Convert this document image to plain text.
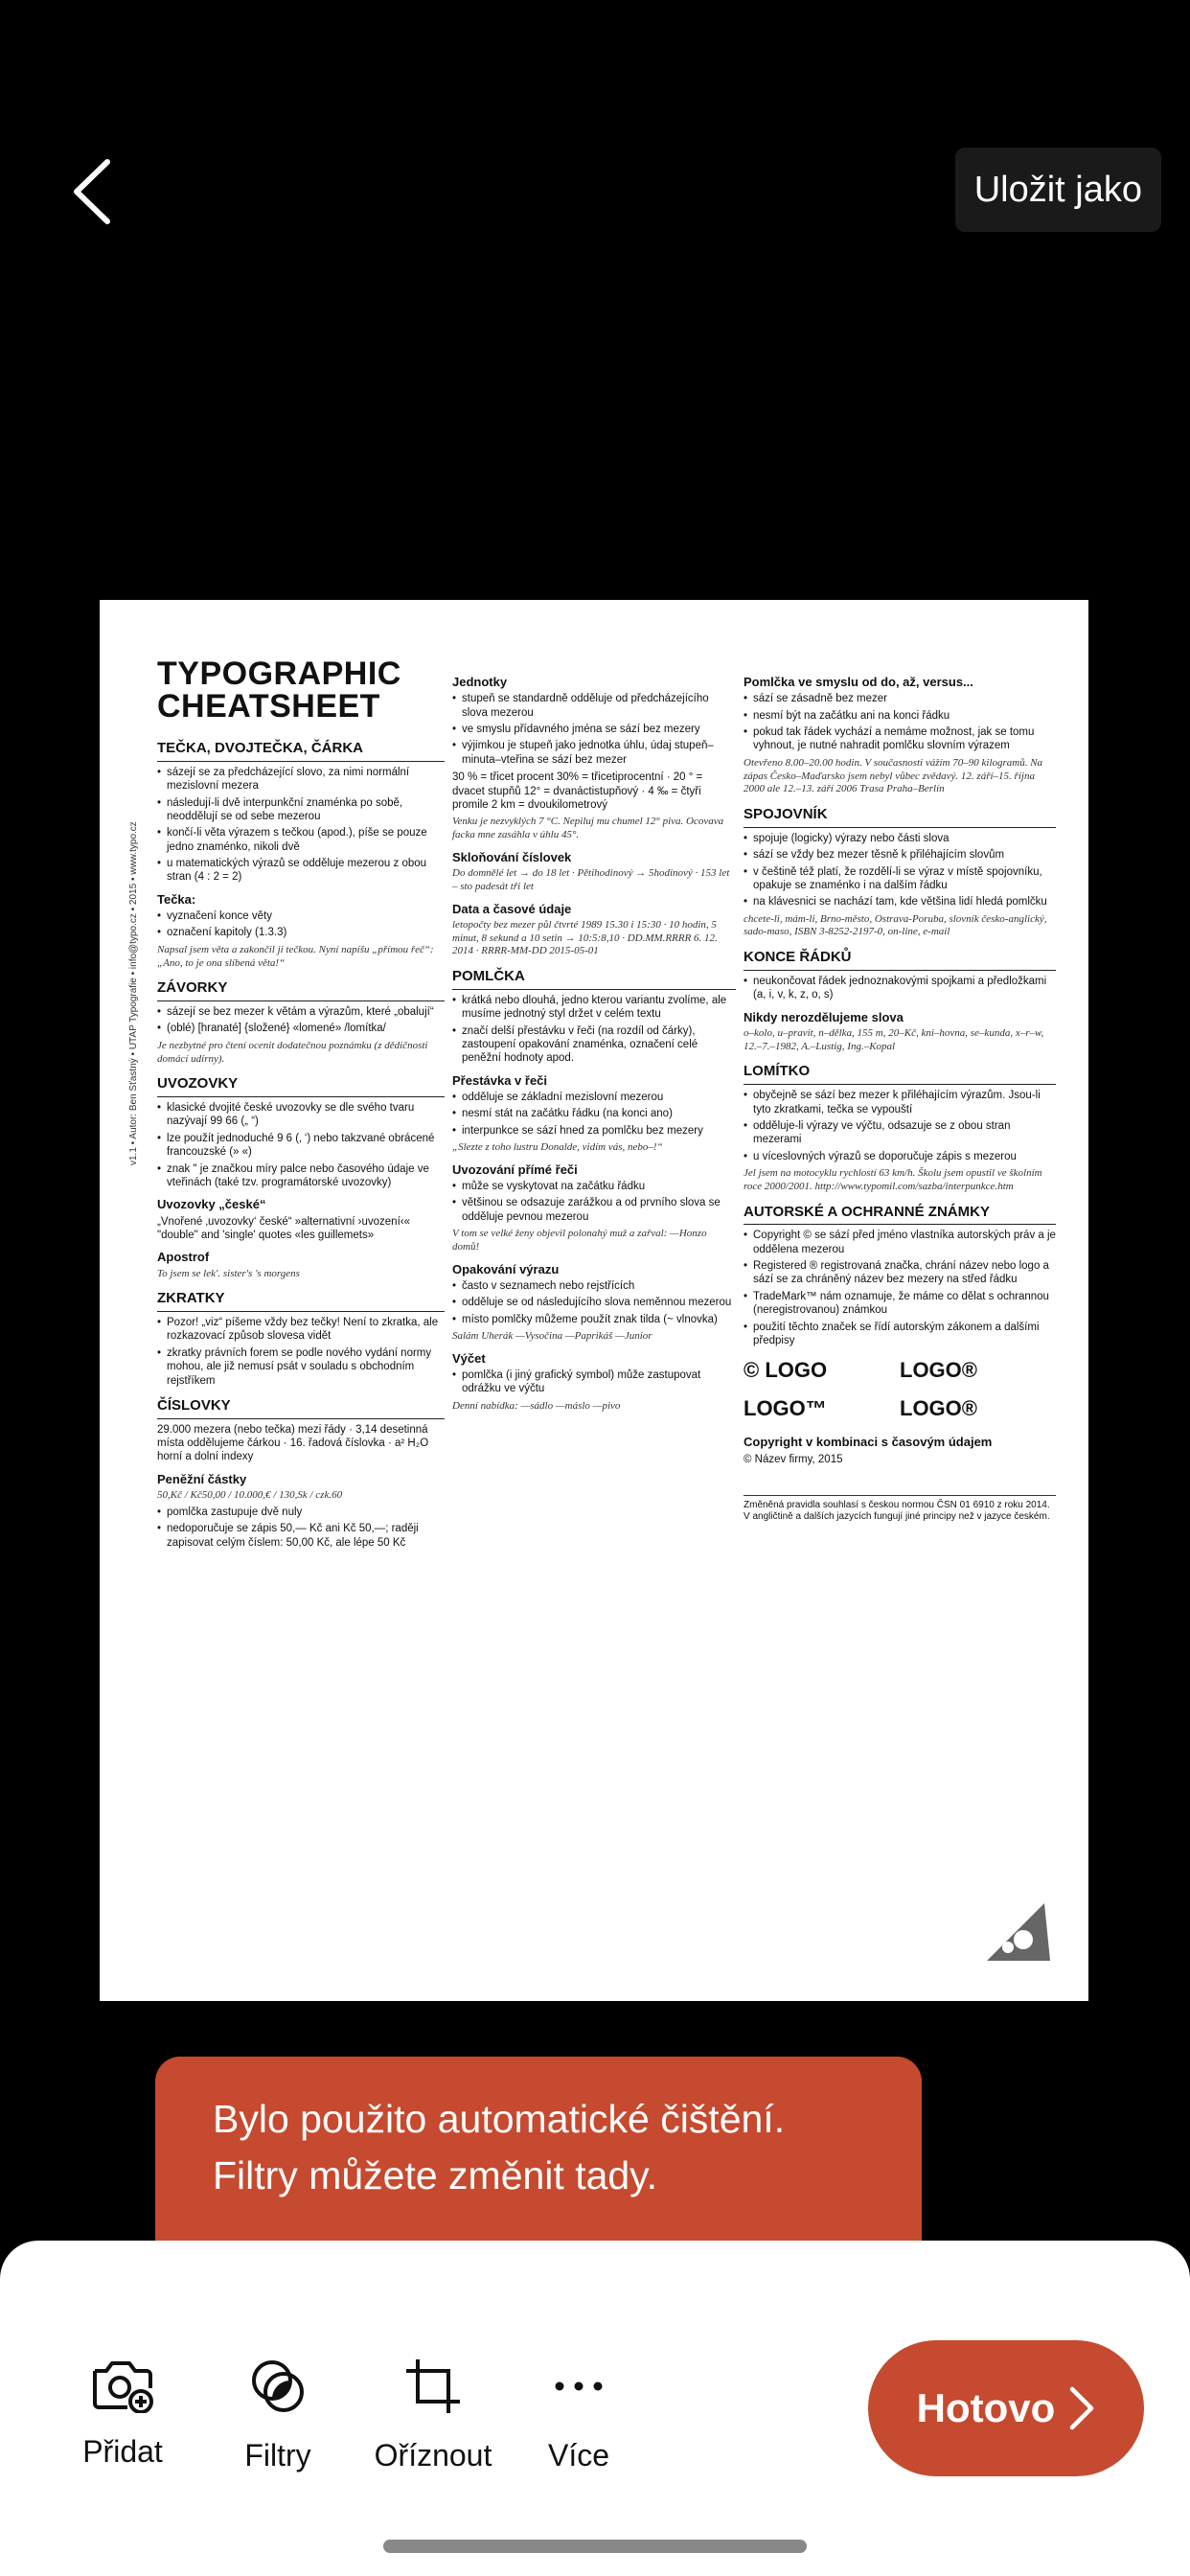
Uložit jako
v1.1 • Autor: Ben Šťastný • ÚTAP Typografie • info@typo.cz • 2015 • www.typo.cz
TYPOGRAPHIC
CHEATSHEET
TEČKA, DVOJTEČKA, ČÁRKA
• sázejí se za předcházející slovo, za nimi normální mezislovní mezera
• následují-li dvě interpunkční znaménka po sobě, neoddělují se od sebe mezerou
• končí-li věta výrazem s tečkou (apod.), píše se pouze jedno znaménko, nikoli dvě
• u matematických výrazů se odděluje mezerou z obou stran (4 : 2 = 2)
Tečka:
• vyznačení konce věty
• označení kapitoly (1.3.3)

Napsal jsem věta a zakončil ji tečkou. Nyní napíšu „přímou řeč“: „Ano, to je ona slíbená věta!“

ZÁVORKY
• sázejí se bez mezer k větám a výrazům, které „obalují“
• (oblé) [hranaté] {složené} «lomené» /lomítka/

Je nezbytné pro čtení ocenit dodatečnou poznámku (z dědičnosti domácí udírny).

UVOZOVKY
• klasické dvojité české uvozovky se dle svého tvaru nazývají 99 66 („ “)
• lze použít jednoduché 9 6 (‚ ‘) nebo takzvané obrácené francouzské (» «)
• znak " je značkou míry palce nebo časového údaje ve vteřinách (také tzv. programátorské uvozovky)
Uvozovky „české“

„Vnořené ‚uvozovky‘ české“ »alternativní ›uvození‹« "double" and 'single' quotes «les guillemets»

Apostrof

To jsem se lek'. sister's 's morgens

ZKRATKY
• Pozor! „viz“ píšeme vždy bez tečky! Není to zkratka, ale rozkazovací způsob slovesa vidět
• zkratky právních forem se podle nového vydání normy mohou, ale již nemusí psát v souladu s obchodním rejstříkem
ČÍSLOVKY

29.000 mezera (nebo tečka) mezi řády · 3,14 desetinná místa oddělujeme čárkou · 16. řadová číslovka · a² H₂O horní a dolní indexy

Peněžní částky

50,Kč / Kč50,00 / 10.000,€ / 130,Sk / czk.60

• pomlčka zastupuje dvě nuly
• nedoporučuje se zápis 50,— Kč ani Kč 50,—; raději zapisovat celým číslem: 50,00 Kč, ale lépe 50 Kč
Jednotky
• stupeň se standardně odděluje od předcházejícího slova mezerou
• ve smyslu přídavného jména se sází bez mezery
• výjimkou je stupeň jako jednotka úhlu, údaj stupeň–minuta–vteřina se sází bez mezer

30 % = třicet procent 30% = třicetiprocentní · 20 ° = dvacet stupňů 12° = dvanáctistupňový · 4 ‰ = čtyři promile 2 km = dvoukilometrový

Venku je nezvyklých 7 °C. Nepiluj mu chumel 12° piva. Ocovava facka mne zasáhla v úhlu 45°.

Skloňování číslovek

Do domnělé let → do 18 let · Pětihodinový → 5hodinový · 153 let – sto padesát tři let

Data a časové údaje

letopočty bez mezer půl čtvrté 1989 15.30 i 15:30 · 10 hodin, 5 minut, 8 sekund a 10 setin → 10:5:8,10 · DD.MM.RRRR 6. 12. 2014 · RRRR-MM-DD 2015-05-01

POMLČKA
• krátká nebo dlouhá, jedno kterou variantu zvolíme, ale musíme jednotný styl držet v celém textu
• značí delší přestávku v řeči (na rozdíl od čárky), zastoupení opakování znaménka, označení celé peněžní hodnoty apod.
Přestávka v řeči
• odděluje se základní mezislovní mezerou
• nesmí stát na začátku řádku (na konci ano)
• interpunkce se sází hned za pomlčku bez mezery

„Slezte z toho lustru Donalde, vidím vás, nebo–!“

Uvozování přímé řeči
• může se vyskytovat na začátku řádku
• většinou se odsazuje zarážkou a od prvního slova se odděluje pevnou mezerou

V tom se velké ženy objevil polonahý muž a zařval: —Honzo domů!

Opakování výrazu
• často v seznamech nebo rejstřících
• odděluje se od následujícího slova neměnnou mezerou
• místo pomlčky můžeme použít znak tilda (~ vlnovka)

Salám Uherák —Vysočina —Paprikáš —Junior

Výčet
• pomlčka (i jiný grafický symbol) může zastupovat odrážku ve výčtu

Denní nabídka: —sádlo —máslo —pivo

Pomlčka ve smyslu od do, až, versus...
• sází se zásadně bez mezer
• nesmí být na začátku ani na konci řádku
• pokud tak řádek vychází a nemáme možnost, jak se tomu vyhnout, je nutné nahradit pomlčku slovním výrazem

Otevřeno 8.00–20.00 hodin. V současnosti vážím 70–90 kilogramů. Na zápas Česko–Maďarsko jsem nebyl vůbec zvědavý. 12. září–15. října 2000 ale 12.–13. září 2006 Trasa Praha–Berlín

SPOJOVNÍK
• spojuje (logicky) výrazy nebo části slova
• sází se vždy bez mezer těsně k přiléhajícím slovům
• v češtině též platí, že rozdělí-li se výraz v místě spojovníku, opakuje se znaménko i na dalším řádku
• na klávesnici se nachází tam, kde většina lidí hledá pomlčku

chcete-li, mám-li, Brno-město, Ostrava-Poruba, slovník česko-anglický, sado-maso, ISBN 3-8252-2197-0, on-line, e-mail

KONCE ŘÁDKŮ
• neukončovat řádek jednoznakovými spojkami a předložkami (a, i, v, k, z, o, s)
Nikdy nerozdělujeme slova

o–kolo, u–pravit, n–dělka, 155 m, 20–Kč, kni–hovna, se–kunda, x–r–w, 12.–7.–1982, A.–Lustig, Ing.–Kopal

LOMÍTKO
• obyčejně se sází bez mezer k přiléhajícím výrazům. Jsou-li tyto zkratkami, tečka se vypouští
• odděluje-li výrazy ve výčtu, odsazuje se z obou stran mezerami
• u víceslovných výrazů se doporučuje zápis s mezerou

Jel jsem na motocyklu rychlostí 63 km/h. Školu jsem opustil ve školním roce 2000/2001. http://www.typomil.com/sazba/interpunkce.htm

AUTORSKÉ A OCHRANNÉ ZNÁMKY
• Copyright © se sází před jméno vlastníka autorských práv a je oddělena mezerou
• Registered ® registrovaná značka, chrání název nebo logo a sází se za chráněný název bez mezery na střed řádku
• TradeMark™ nám oznamuje, že máme co dělat s ochrannou (neregistrovanou) známkou
• použití těchto značek se řídí autorským zákonem a dalšími předpisy
© LOGO	LOGO®
LOGO™	LOGO®
Copyright v kombinaci s časovým údajem

© Název firmy, 2015

Změněná pravidla souhlasí s českou normou ČSN 01 6910 z roku 2014. V angličtině a dalších jazycích fungují jiné principy než v jazyce českém.

Bylo použito automatické čištění. Filtry můžete změnit tady.
Přidat	Filtry	Oříznout	Více
Hotovo
